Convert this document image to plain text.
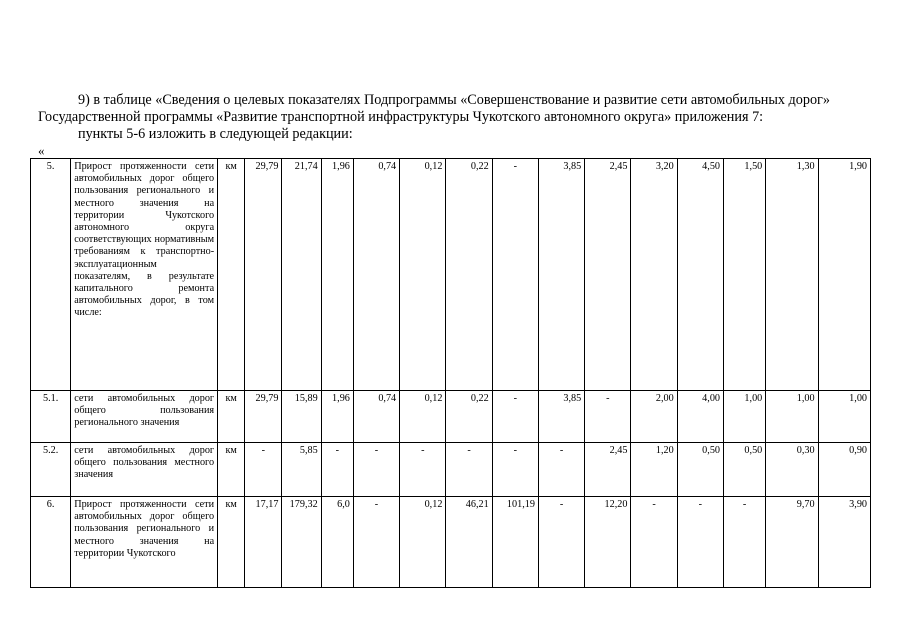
9) в таблице «Сведения о целевых показателях Подпрограммы «Совершенствование и развитие сети автомобильных дорог» Государственной программы «Развитие транспортной инфраструктуры Чукотского автономного округа» приложения 7:

пункты 5-6 изложить в следующей редакции:
«
5.	Прирост протяженности сети автомобильных дорог общего пользования регионального и местного значения на территории Чукотского автономного округа соответствующих нормативным требованиям к транспортно-эксплуатационным показателям, в результате капитального ремонта автомобильных дорог, в том числе:	км	29,79	21,74	1,96	0,74	0,12	0,22	-	3,85	2,45	3,20	4,50	1,50	1,30	1,90
5.1.	сети автомобильных дорог общего пользования регионального значения	км	29,79	15,89	1,96	0,74	0,12	0,22	-	3,85	-	2,00	4,00	1,00	1,00	1,00
5.2.	сети автомобильных дорог общего пользования местного значения	км	-	5,85	-	-	-	-	-	-	2,45	1,20	0,50	0,50	0,30	0,90
6.	Прирост протяженности сети автомобильных дорог общего пользования регионального и местного значения на территории Чукотского	км	17,17	179,32	6,0	-	0,12	46,21	101,19	-	12,20	-	-	-	9,70	3,90
